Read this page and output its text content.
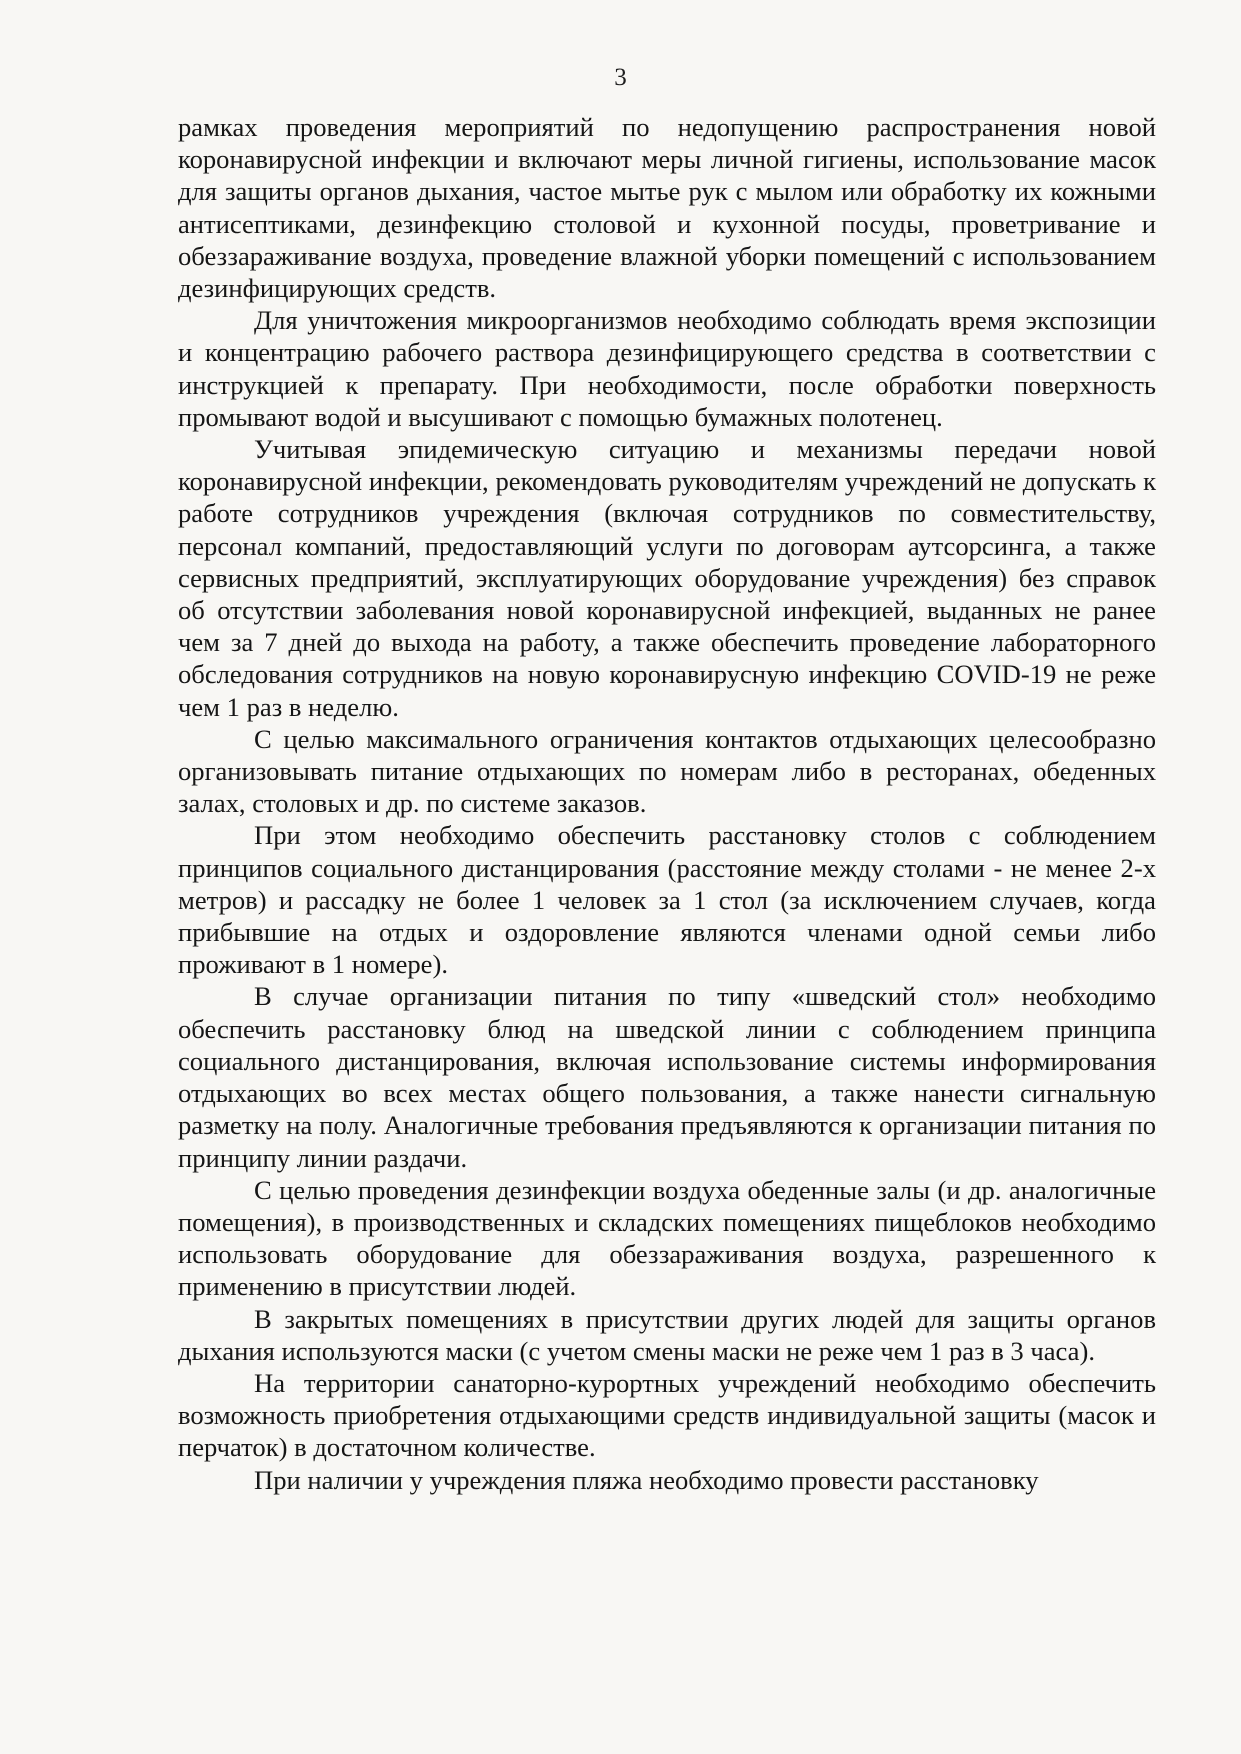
3

рамках проведения мероприятий по недопущению распространения новой коронавирусной инфекции и включают меры личной гигиены, использование масок для защиты органов дыхания, частое мытье рук с мылом или обработку их кожными антисептиками, дезинфекцию столовой и кухонной посуды, проветривание и обеззараживание воздуха, проведение влажной уборки помещений с использованием дезинфицирующих средств.

Для уничтожения микроорганизмов необходимо соблюдать время экспозиции и концентрацию рабочего раствора дезинфицирующего средства в соответствии с инструкцией к препарату. При необходимости, после обработки поверхность промывают водой и высушивают с помощью бумажных полотенец.

Учитывая эпидемическую ситуацию и механизмы передачи новой коронавирусной инфекции, рекомендовать руководителям учреждений не допускать к работе сотрудников учреждения (включая сотрудников по совместительству, персонал компаний, предоставляющий услуги по договорам аутсорсинга, а также сервисных предприятий, эксплуатирующих оборудование учреждения) без справок об отсутствии заболевания новой коронавирусной инфекцией, выданных не ранее чем за 7 дней до выхода на работу, а также обеспечить проведение лабораторного обследования сотрудников на новую коронавирусную инфекцию COVID-19 не реже чем 1 раз в неделю.

С целью максимального ограничения контактов отдыхающих целесообразно организовывать питание отдыхающих по номерам либо в ресторанах, обеденных залах, столовых и др. по системе заказов.

При этом необходимо обеспечить расстановку столов с соблюдением принципов социального дистанцирования (расстояние между столами - не менее 2-х метров) и рассадку не более 1 человек за 1 стол (за исключением случаев, когда прибывшие на отдых и оздоровление являются членами одной семьи либо проживают в 1 номере).

В случае организации питания по типу «шведский стол» необходимо обеспечить расстановку блюд на шведской линии с соблюдением принципа социального дистанцирования, включая использование системы информирования отдыхающих во всех местах общего пользования, а также нанести сигнальную разметку на полу. Аналогичные требования предъявляются к организации питания по принципу линии раздачи.

С целью проведения дезинфекции воздуха обеденные залы (и др. аналогичные помещения), в производственных и складских помещениях пищеблоков необходимо использовать оборудование для обеззараживания воздуха, разрешенного к применению в присутствии людей.

В закрытых помещениях в присутствии других людей для защиты органов дыхания используются маски (с учетом смены маски не реже чем 1 раз в 3 часа).

На территории санаторно-курортных учреждений необходимо обеспечить возможность приобретения отдыхающими средств индивидуальной защиты (масок и перчаток) в достаточном количестве.

При наличии у учреждения пляжа необходимо провести расстановку
